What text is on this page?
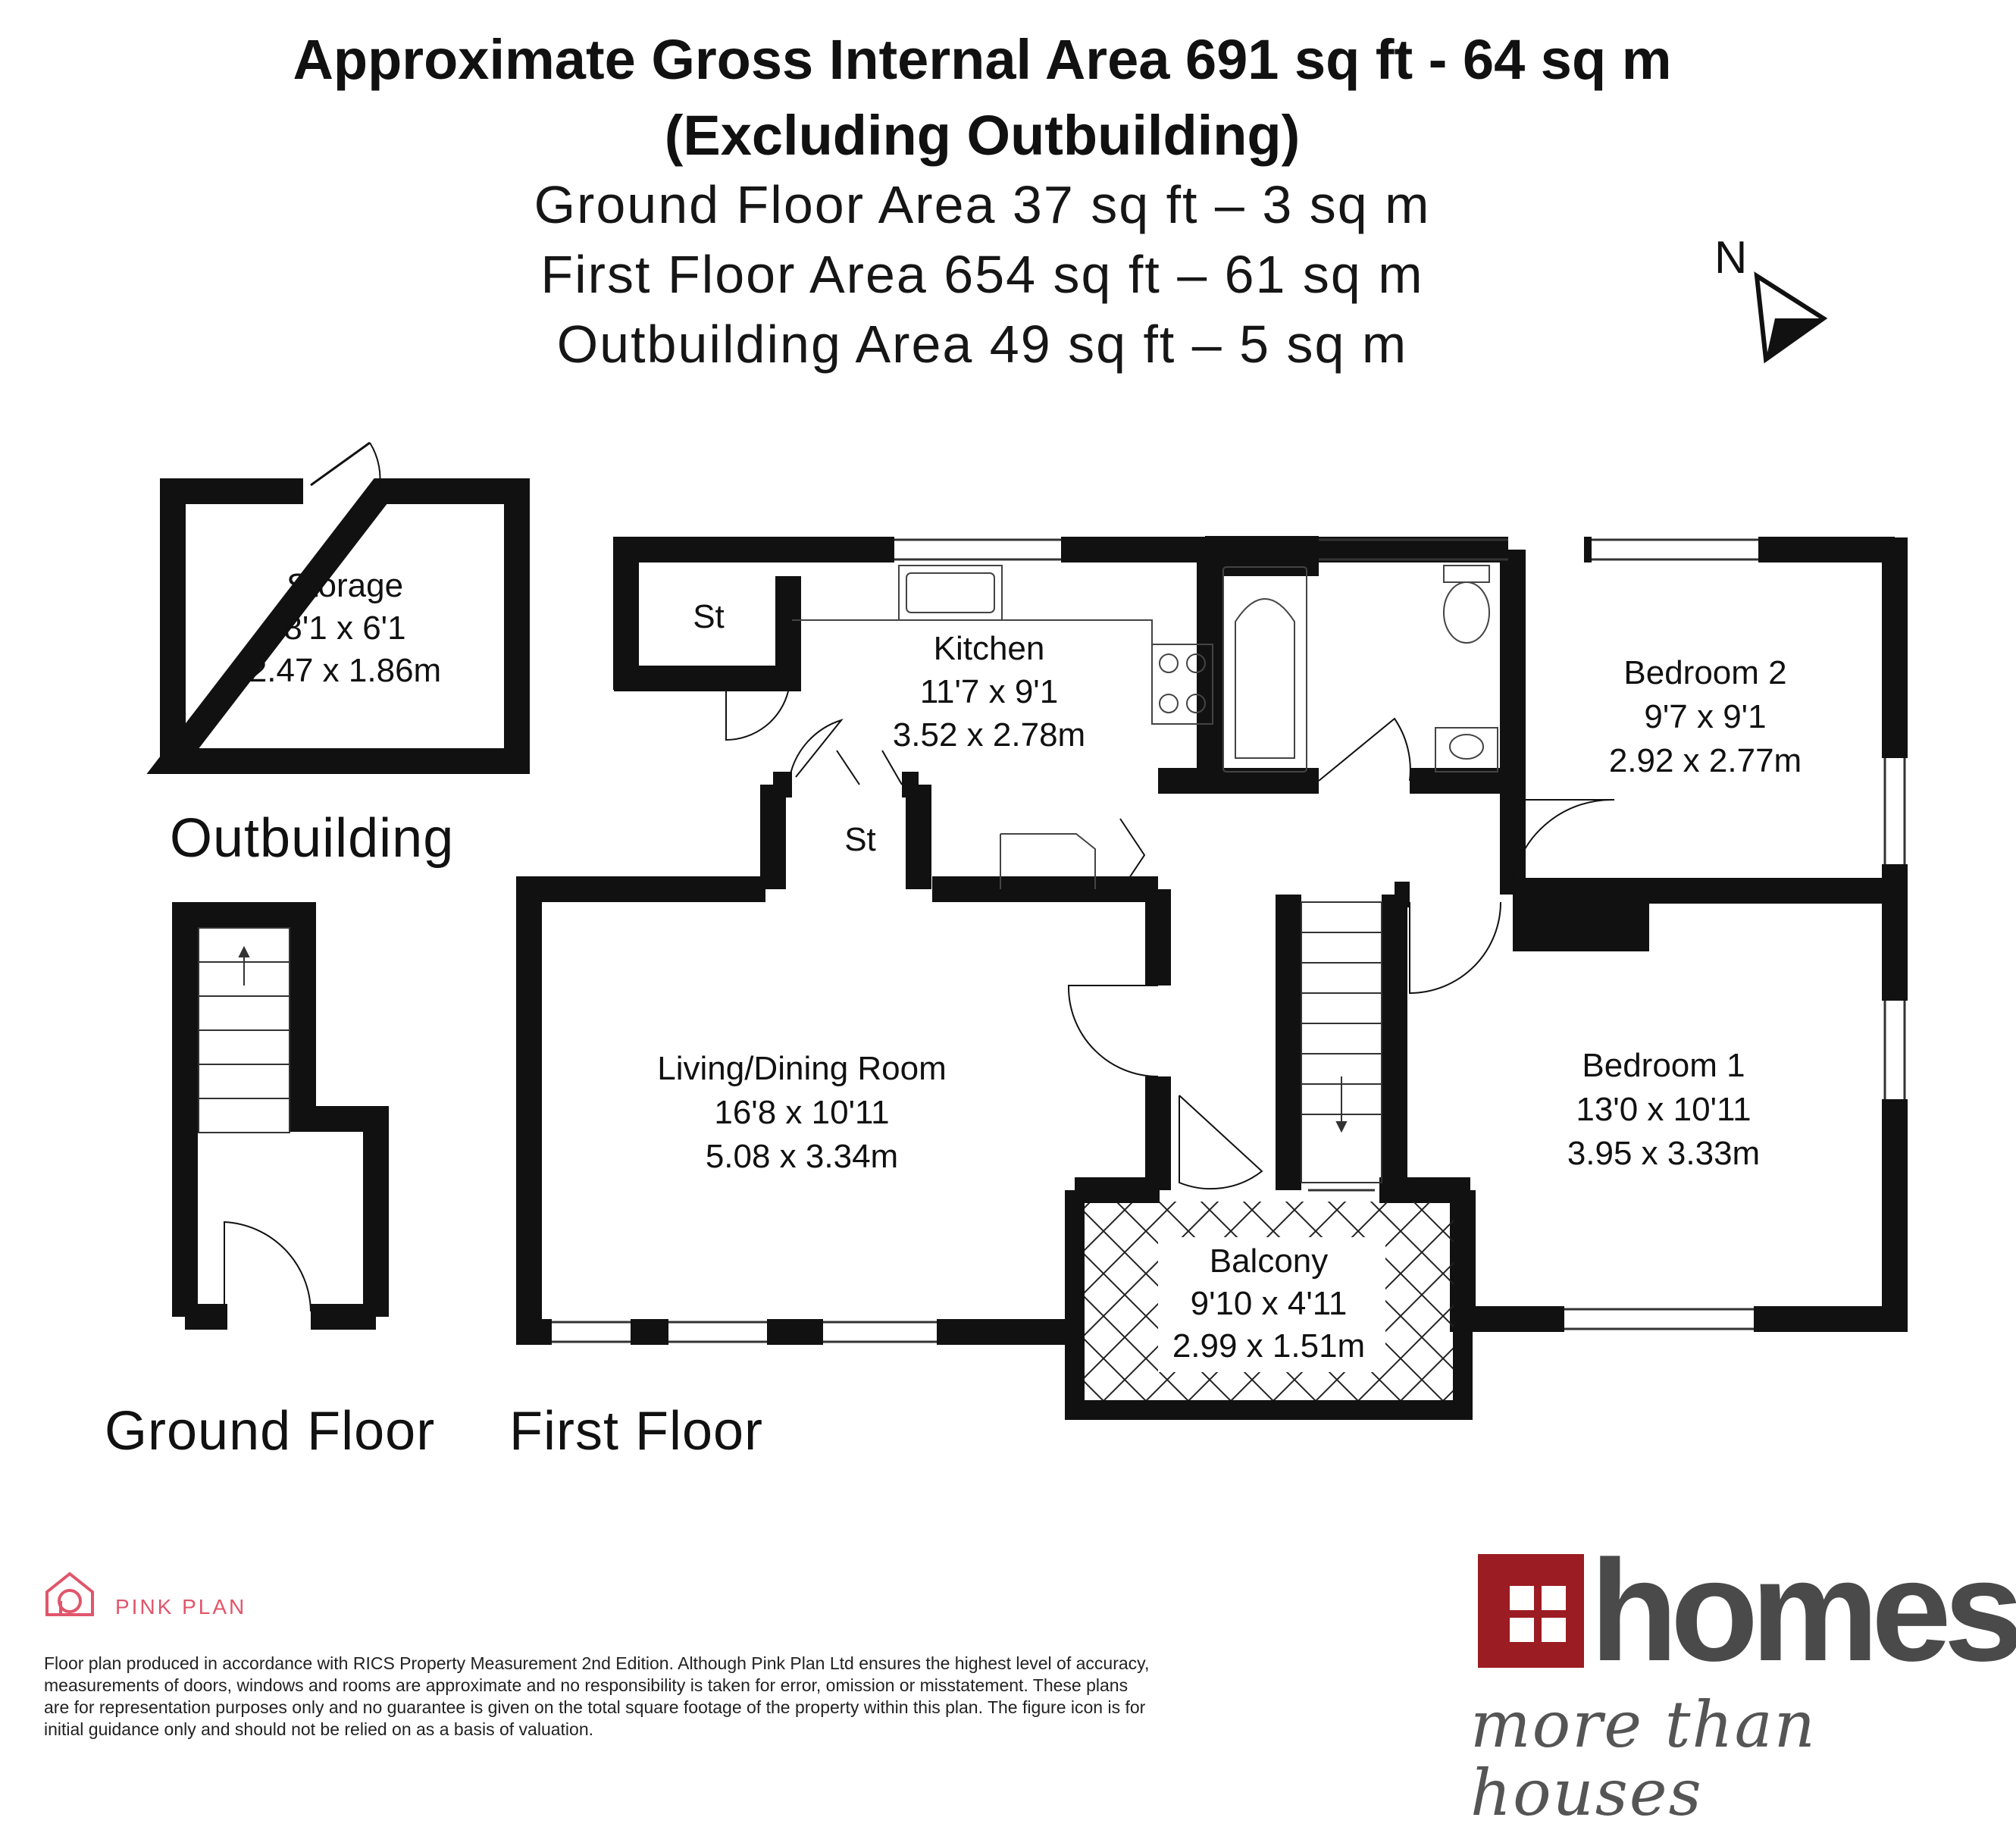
Approximate Gross Internal Area 691 sq ft - 64 sq m
(Excluding Outbuilding)
Ground Floor Area 37 sq ft – 3 sq m
First Floor Area 654 sq ft – 61 sq m
Outbuilding Area 49 sq ft – 5 sq m
N
Storage
8'1 x 6'1
2.47 x 1.86m
St
St
Kitchen
11'7 x 9'1
3.52 x 2.78m
Bedroom 2
9'7 x 9'1
2.92 x 2.77m
Living/Dining Room
16'8 x 10'11
5.08 x 3.34m
Bedroom 1
13'0 x 10'11
3.95 x 3.33m
Balcony
9'10 x 4'11
2.99 x 1.51m
Outbuilding
Ground Floor First Floor
PINK PLAN
Floor plan produced in accordance with RICS Property Measurement 2nd Edition. Although Pink Plan Ltd ensures the highest level of accuracy, measurements of doors, windows and rooms are approximate and no responsibility is taken for error, omission or misstatement. These plans are for representation purposes only and no guarantee is given on the total square footage of the property within this plan. The figure icon is for initial guidance only and should not be relied on as a basis of valuation.
homes
more than houses
